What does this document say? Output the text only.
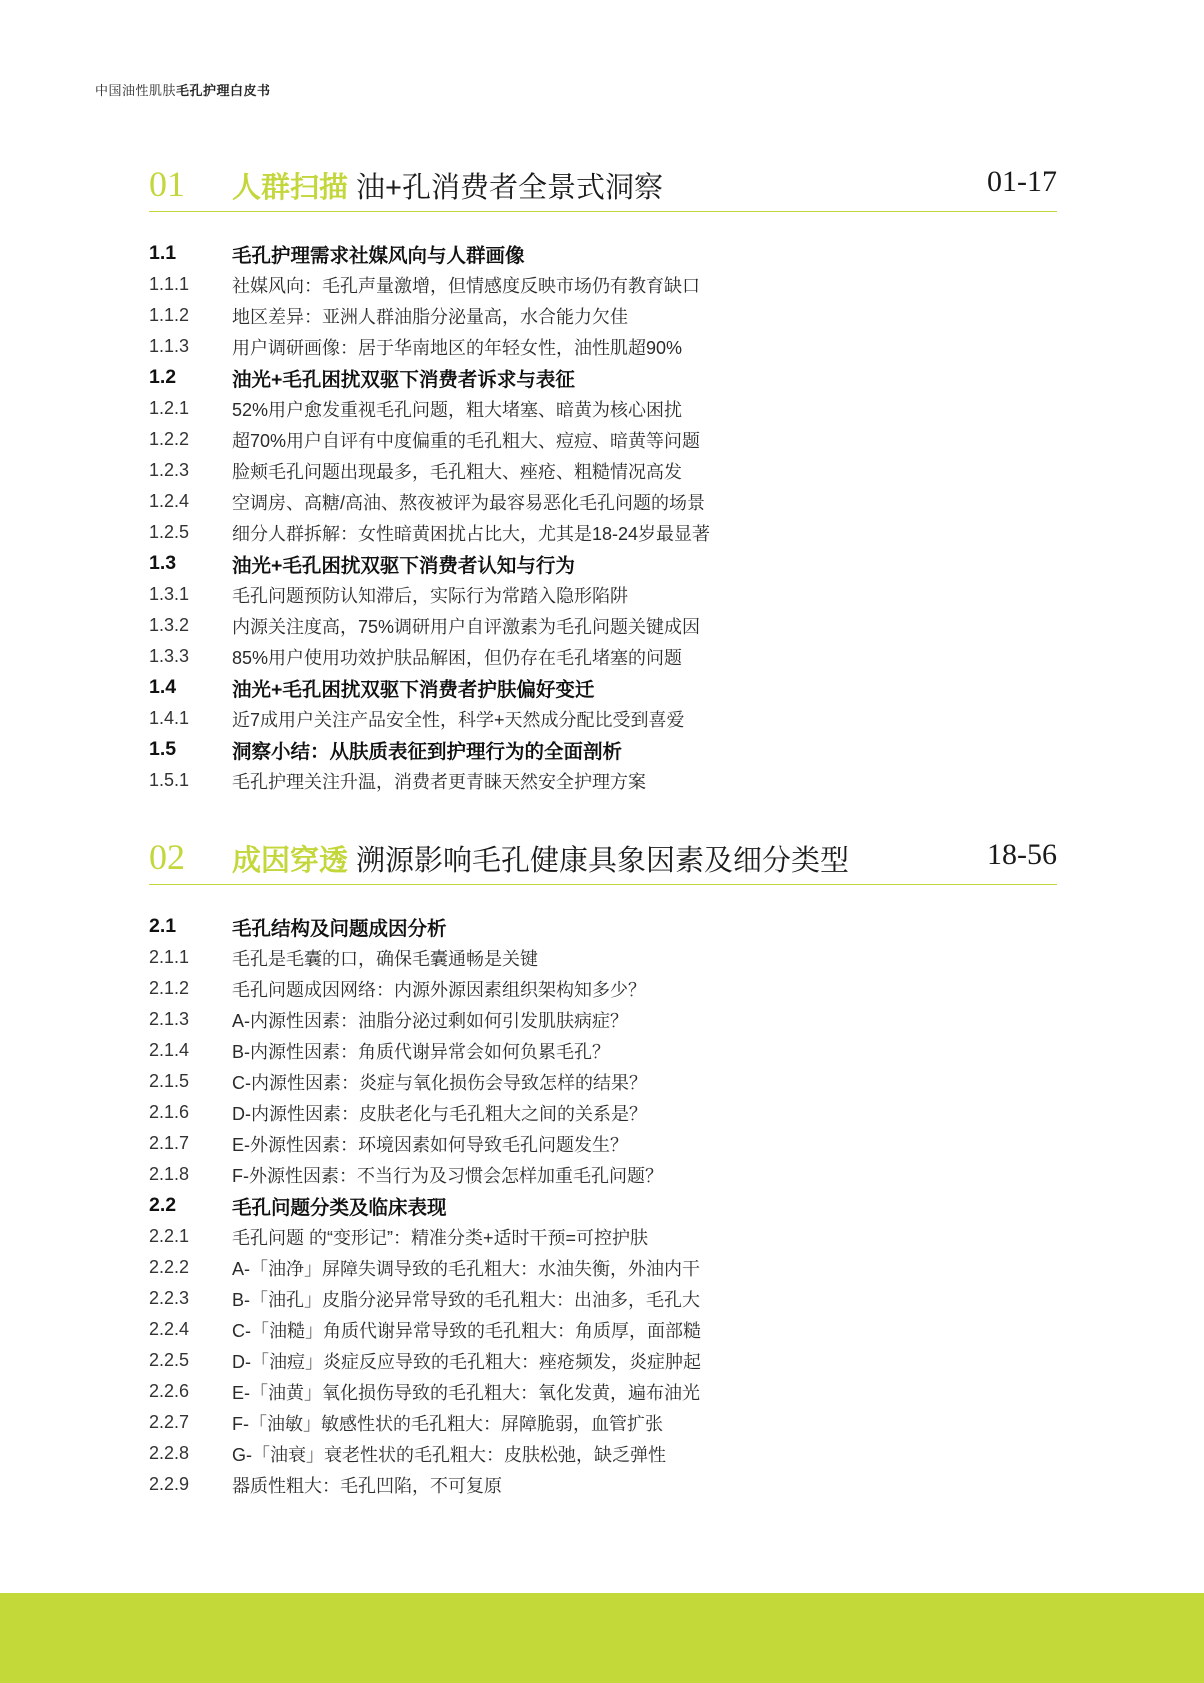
中国油性肌肤毛孔护理白皮书
01 人群扫描 油+孔消费者全景式洞察	01-17
1.1	毛孔护理需求社媒风向与人群画像
1.1.1	社媒风向：毛孔声量激增，但情感度反映市场仍有教育缺口
1.1.2	地区差异：亚洲人群油脂分泌量高，水合能力欠佳
1.1.3	用户调研画像：居于华南地区的年轻女性，油性肌超90%
1.2	油光+毛孔困扰双驱下消费者诉求与表征
1.2.1	52%用户愈发重视毛孔问题，粗大堵塞、暗黄为核心困扰
1.2.2	超70%用户自评有中度偏重的毛孔粗大、痘痘、暗黄等问题
1.2.3	脸颊毛孔问题出现最多，毛孔粗大、痤疮、粗糙情况高发
1.2.4	空调房、高糖/高油、熬夜被评为最容易恶化毛孔问题的场景
1.2.5	细分人群拆解：女性暗黄困扰占比大，尤其是18-24岁最显著
1.3	油光+毛孔困扰双驱下消费者认知与行为
1.3.1	毛孔问题预防认知滞后，实际行为常踏入隐形陷阱
1.3.2	内源关注度高，75%调研用户自评激素为毛孔问题关键成因
1.3.3	85%用户使用功效护肤品解困，但仍存在毛孔堵塞的问题
1.4	油光+毛孔困扰双驱下消费者护肤偏好变迁
1.4.1	近7成用户关注产品安全性，科学+天然成分配比受到喜爱
1.5	洞察小结：从肤质表征到护理行为的全面剖析
1.5.1	毛孔护理关注升温，消费者更青睐天然安全护理方案
02 成因穿透 溯源影响毛孔健康具象因素及细分类型	18-56
2.1	毛孔结构及问题成因分析
2.1.1	毛孔是毛囊的口，确保毛囊通畅是关键
2.1.2	毛孔问题成因网络：内源外源因素组织架构知多少？
2.1.3	A-内源性因素：油脂分泌过剩如何引发肌肤病症？
2.1.4	B-内源性因素：角质代谢异常会如何负累毛孔？
2.1.5	C-内源性因素：炎症与氧化损伤会导致怎样的结果？
2.1.6	D-内源性因素：皮肤老化与毛孔粗大之间的关系是？
2.1.7	E-外源性因素：环境因素如何导致毛孔问题发生？
2.1.8	F-外源性因素：不当行为及习惯会怎样加重毛孔问题？
2.2	毛孔问题分类及临床表现
2.2.1	毛孔问题 的“变形记”：精准分类+适时干预=可控护肤
2.2.2	A-「油净」屏障失调导致的毛孔粗大：水油失衡，外油内干
2.2.3	B-「油孔」皮脂分泌异常导致的毛孔粗大：出油多，毛孔大
2.2.4	C-「油糙」角质代谢异常导致的毛孔粗大：角质厚，面部糙
2.2.5	D-「油痘」炎症反应导致的毛孔粗大：痤疮频发，炎症肿起
2.2.6	E-「油黄」氧化损伤导致的毛孔粗大：氧化发黄，遍布油光
2.2.7	F-「油敏」敏感性状的毛孔粗大：屏障脆弱，血管扩张
2.2.8	G-「油衰」衰老性状的毛孔粗大：皮肤松弛，缺乏弹性
2.2.9	器质性粗大：毛孔凹陷，不可复原
